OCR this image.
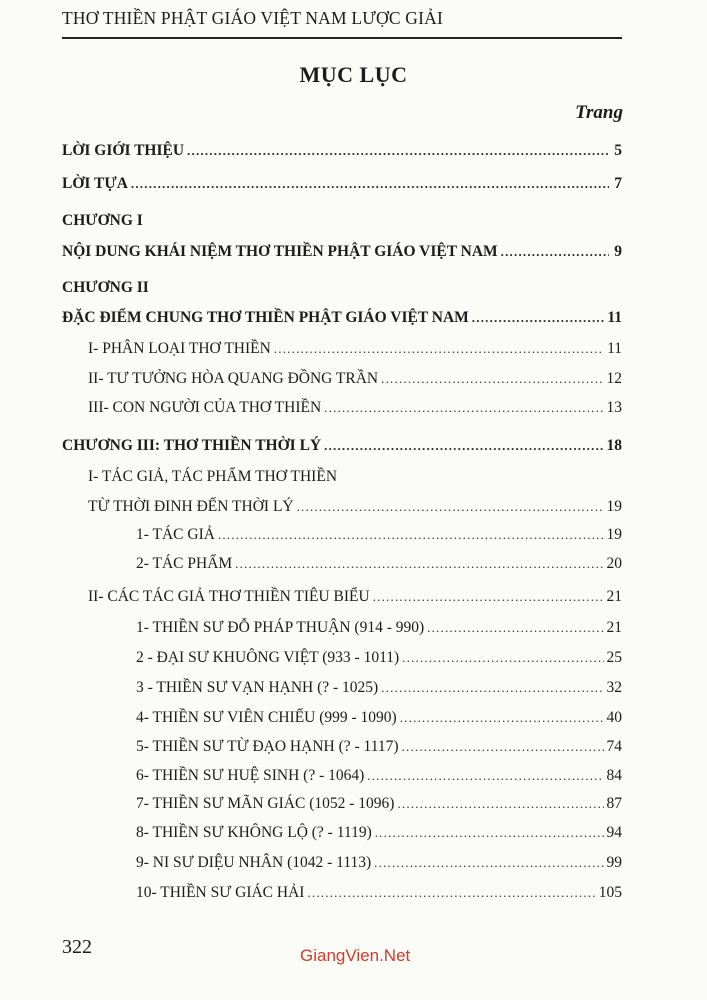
THƠ THIỀN PHẬT GIÁO VIỆT NAM LƯỢC GIẢI
MỤC LỤC
Trang
LỜI GIỚI THIỆU .....	5
LỜI TỰA .....	7
CHƯƠNG I
NỘI DUNG KHÁI NIỆM THƠ THIỀN PHẬT GIÁO VIỆT NAM .....	9
CHƯƠNG II
ĐẶC ĐIỂM CHUNG THƠ THIỀN PHẬT GIÁO VIỆT NAM .....	11
I- PHÂN LOẠI THƠ THIỀN .....	11
II- TƯ TƯỞNG HÒA QUANG ĐỒNG TRẦN .....	12
III- CON NGƯỜI CỦA THƠ THIỀN .....	13
CHƯƠNG III: THƠ THIỀN THỜI LÝ .....	18
I- TÁC GIẢ, TÁC PHẨM THƠ THIỀN
TỪ THỜI ĐINH ĐẾN THỜI LÝ .....	19
1- TÁC GIẢ .....	19
2- TÁC PHẨM .....	20
II- CÁC TÁC GIẢ THƠ THIỀN TIÊU BIỂU .....	21
1- THIỀN SƯ ĐỖ PHÁP THUẬN (914 - 990) .....	21
2 - ĐẠI SƯ KHUÔNG VIỆT (933 - 1011) .....	25
3 - THIỀN SƯ VẠN HẠNH (? - 1025) .....	32
4- THIỀN SƯ VIÊN CHIẾU (999 - 1090) .....	40
5- THIỀN SƯ TỪ ĐẠO HẠNH (? - 1117) .....	74
6- THIỀN SƯ HUỆ SINH (? - 1064) .....	84
7- THIỀN SƯ MÃN GIÁC (1052 - 1096) .....	87
8- THIỀN SƯ KHÔNG LỘ (? - 1119) .....	94
9- NI SƯ DIỆU NHÂN (1042 - 1113) .....	99
10- THIỀN SƯ GIÁC HẢI .....	105
322	GiangVien.Net
